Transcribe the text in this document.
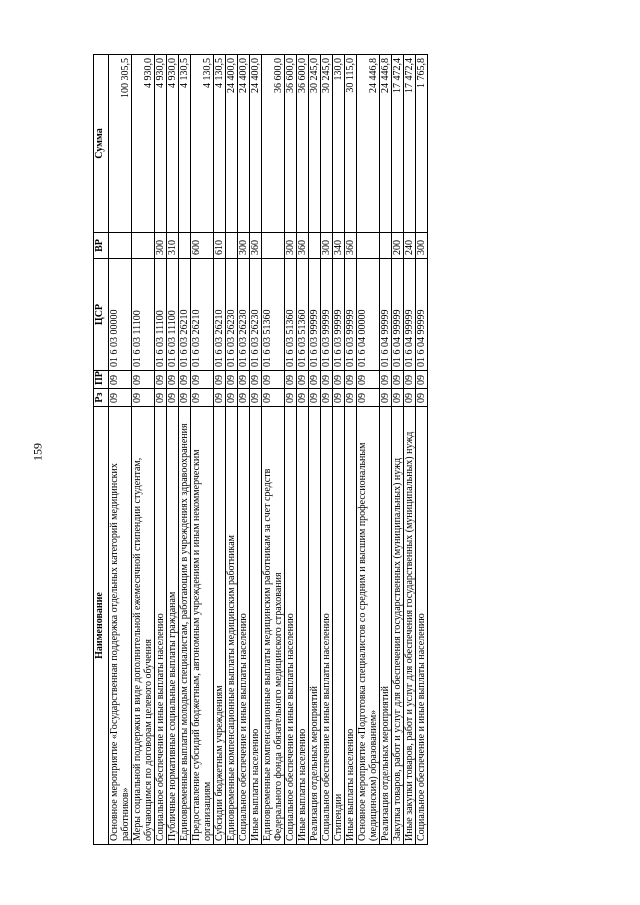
159
Наименование	Рз	ПР	ЦСР	ВР	Сумма
Основное мероприятие «Государственная поддержка отдельных категорий медицинских работников»	09	09	01 6 03 00000		100 305,5
Меры социальной поддержки в виде дополнительной ежемесячной стипендии студентам, обучающимся по договорам целевого обучения	09	09	01 6 03 11100		4 930,0
Социальное обеспечение и иные выплаты населению	09	09	01 6 03 11100	300	4 930,0
Публичные нормативные социальные выплаты гражданам	09	09	01 6 03 11100	310	4 930,0
Единовременные выплаты молодым специалистам, работающим в учреждениях здравоохранения	09	09	01 6 03 26210		4 130,5
Предоставление субсидий бюджетным, автономным учреждениям и иным некоммерческим организациям	09	09	01 6 03 26210	600	4 130,5
Субсидии бюджетным учреждениям	09	09	01 6 03 26210	610	4 130,5
Единовременные компенсационные выплаты медицинским работникам	09	09	01 6 03 26230		24 400,0
Социальное обеспечение и иные выплаты населению	09	09	01 6 03 26230	300	24 400,0
Иные выплаты населению	09	09	01 6 03 26230	360	24 400,0
Единовременные компенсационные выплаты медицинским работникам за счет средств Федерального фонда обязательного медицинского страхования	09	09	01 6 03 51360		36 600,0
Социальное обеспечение и иные выплаты населению	09	09	01 6 03 51360	300	36 600,0
Иные выплаты населению	09	09	01 6 03 51360	360	36 600,0
Реализация отдельных мероприятий	09	09	01 6 03 99999		30 245,0
Социальное обеспечение и иные выплаты населению	09	09	01 6 03 99999	300	30 245,0
Стипендии	09	09	01 6 03 99999	340	130,0
Иные выплаты населению	09	09	01 6 03 99999	360	30 115,0
Основное мероприятие «Подготовка специалистов со средним и высшим профессиональным (медицинским) образованием»	09	09	01 6 04 00000		24 446,8
Реализация отдельных мероприятий	09	09	01 6 04 99999		24 446,8
Закупка товаров, работ и услуг для обеспечения государственных (муниципальных) нужд	09	09	01 6 04 99999	200	17 472,4
Иные закупки товаров, работ и услуг для обеспечения государственных (муниципальных) нужд	09	09	01 6 04 99999	240	17 472,4
Социальное обеспечение и иные выплаты населению	09	09	01 6 04 99999	300	1 765,8
